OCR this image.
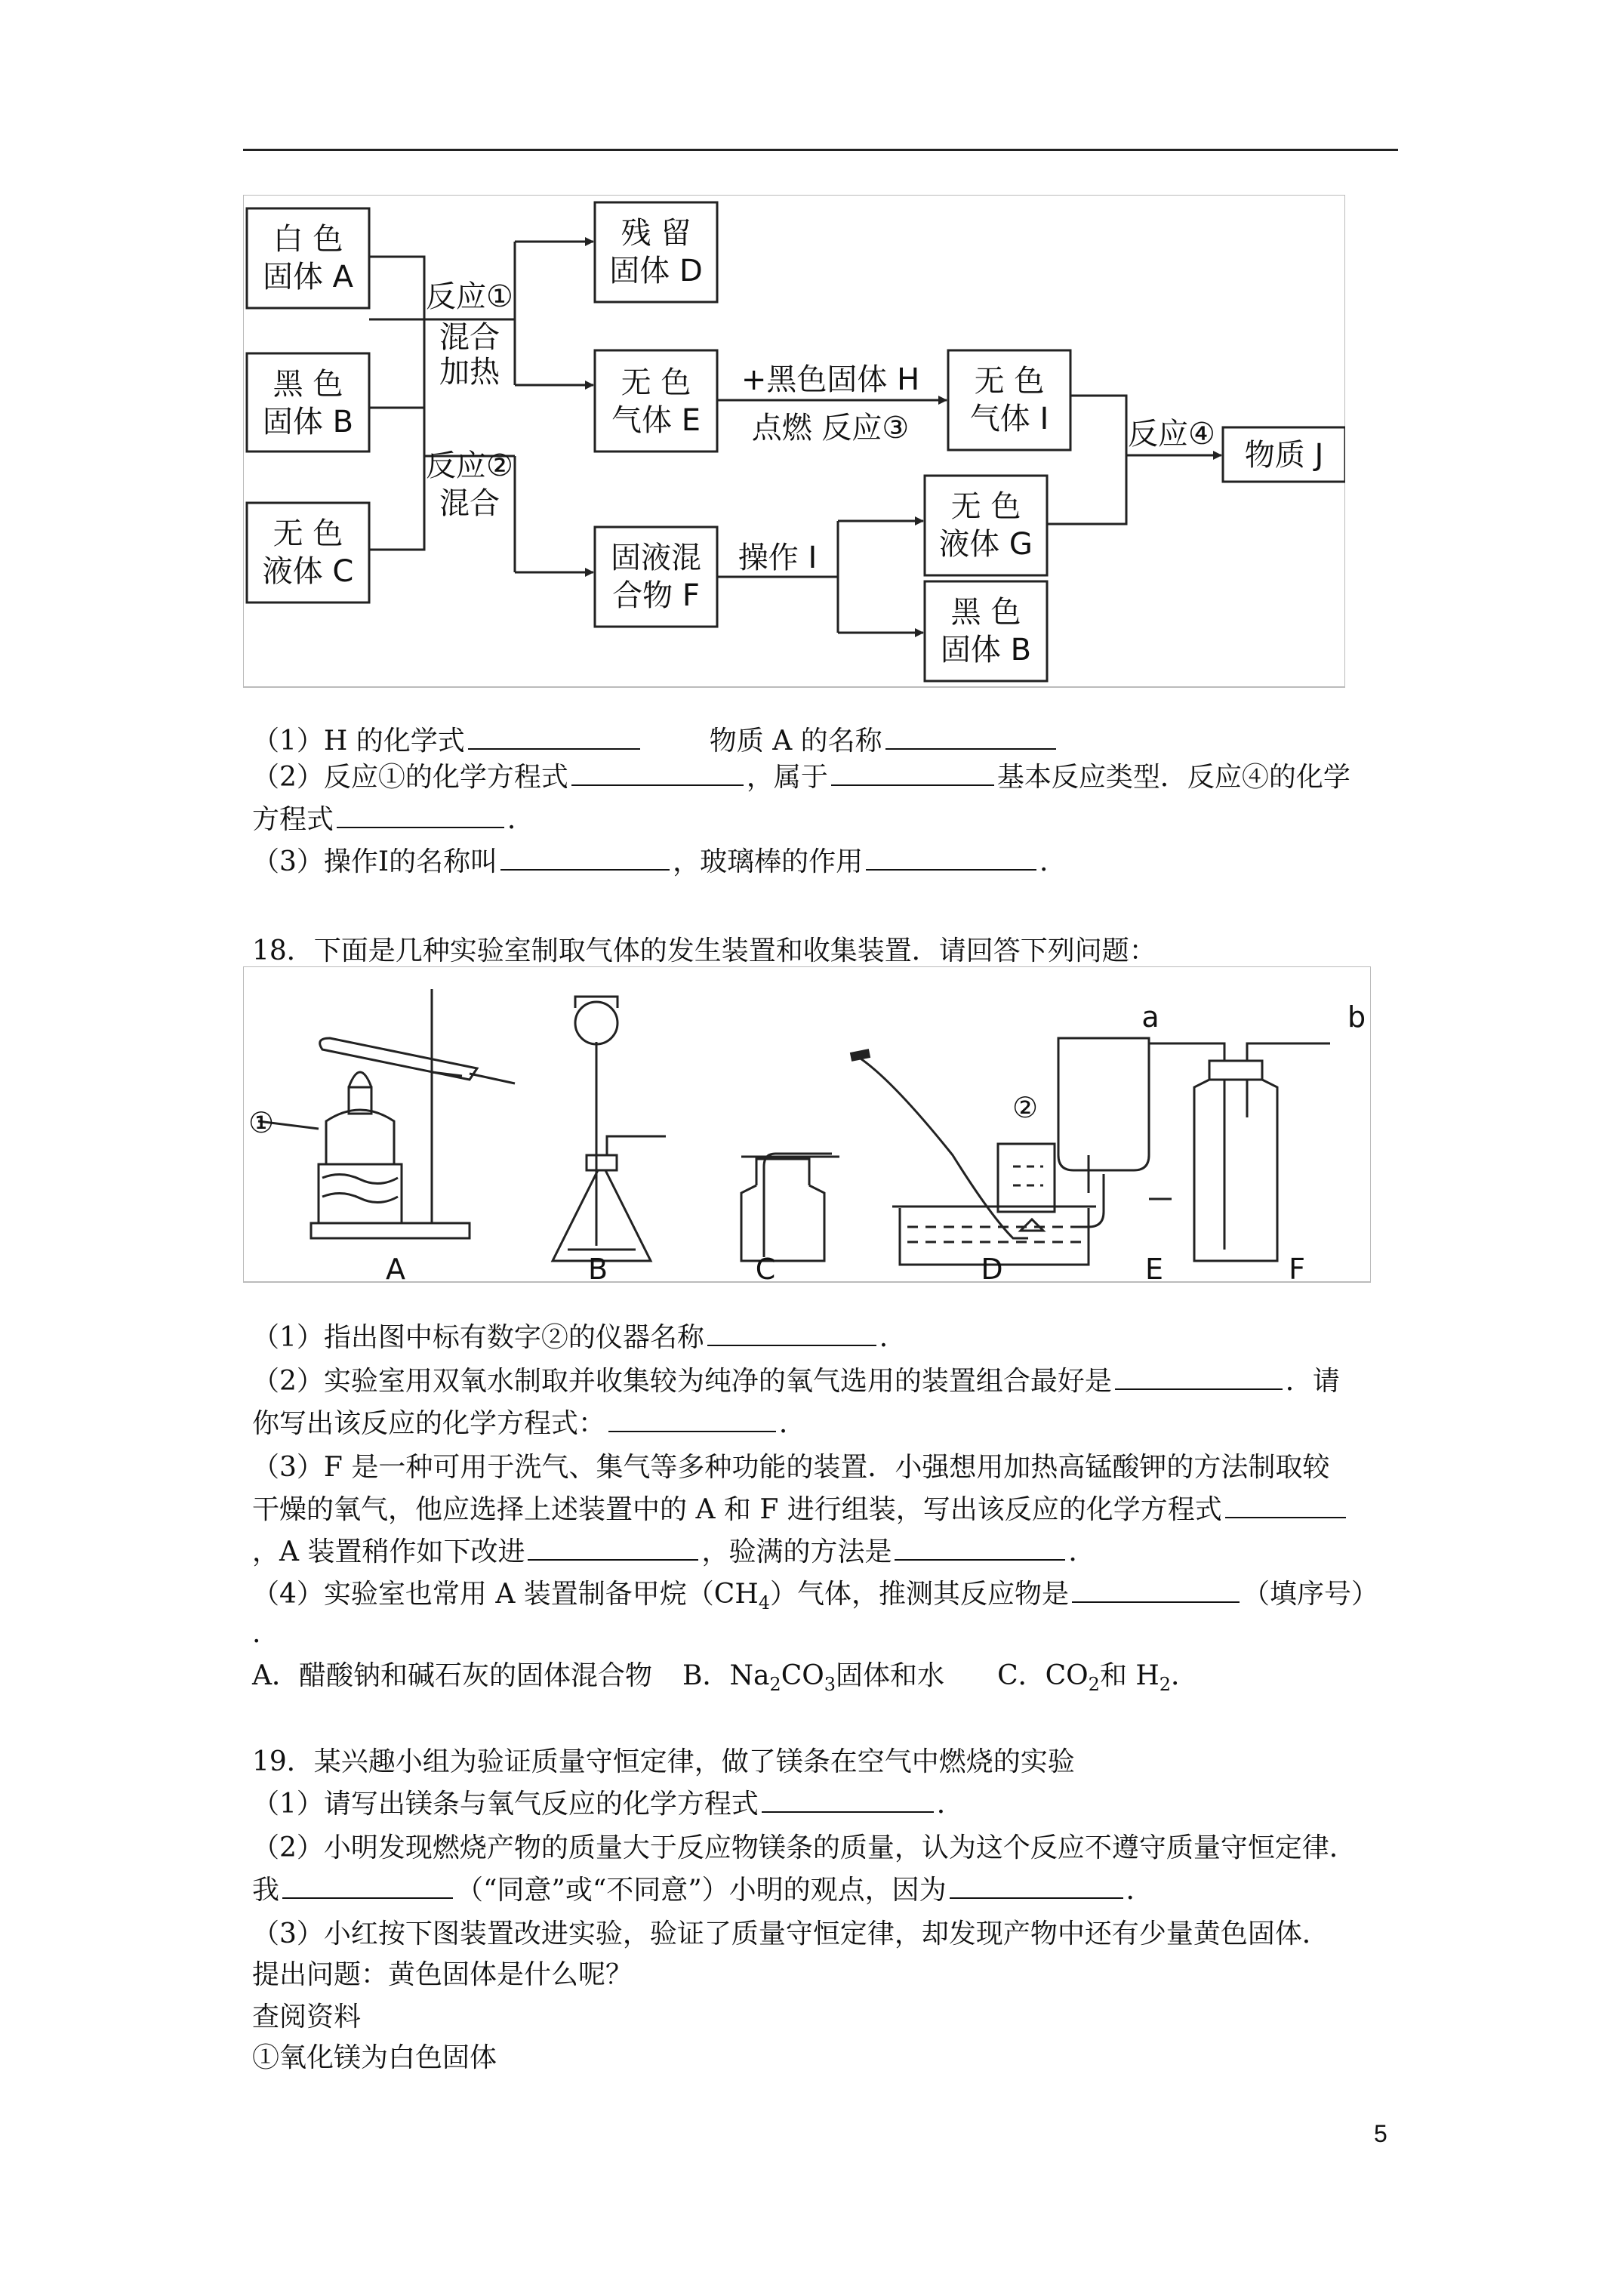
白 色
固体 A
黑 色
固体 B
无 色
液体 C
残 留
固体 D
无 色
气体 E
固液混
合物 F
无 色
气体 I
无 色
液体 G
黑 色
固体 B
物质 J
反应①
混合
加热
反应②
混合
+黑色固体 H
点燃 反应③
操作 I
反应④
（1）H 的化学式	物质 A 的名称
（2）反应①的化学方程式	，属于	基本反应类型．反应④的化学
方程式	．
（3）操作Ⅰ的名称叫	，玻璃棒的作用	．
18．下面是几种实验室制取气体的发生装置和收集装置．请回答下列问题：
①	②
a	b
A	B	C	D	E	F
（1）指出图中标有数字②的仪器名称	．
（2）实验室用双氧水制取并收集较为纯净的氧气选用的装置组合最好是	．请
你写出该反应的化学方程式：	．
（3）F 是一种可用于洗气、集气等多种功能的装置．小强想用加热高锰酸钾的方法制取较
干燥的氧气，他应选择上述装置中的 A 和 F 进行组装，写出该反应的化学方程式
，A 装置稍作如下改进	，验满的方法是	．
（4）实验室也常用 A 装置制备甲烷$(CH_4)$气体，推测其反应物是	（填序号）
.
A．醋酸钠和碱石灰的固体混合物 B．$Na_2CO_3$固体和水 C．$CO_2$和 $H_2$．
19．某兴趣小组为验证质量守恒定律，做了镁条在空气中燃烧的实验
（1）请写出镁条与氧气反应的化学方程式	．
（2）小明发现燃烧产物的质量大于反应物镁条的质量，认为这个反应不遵守质量守恒定律．
我	（“同意”或“不同意”）小明的观点，因为	．
（3）小红按下图装置改进实验，验证了质量守恒定律，却发现产物中还有少量黄色固体．
提出问题：黄色固体是什么呢？
查阅资料
①氧化镁为白色固体
5
